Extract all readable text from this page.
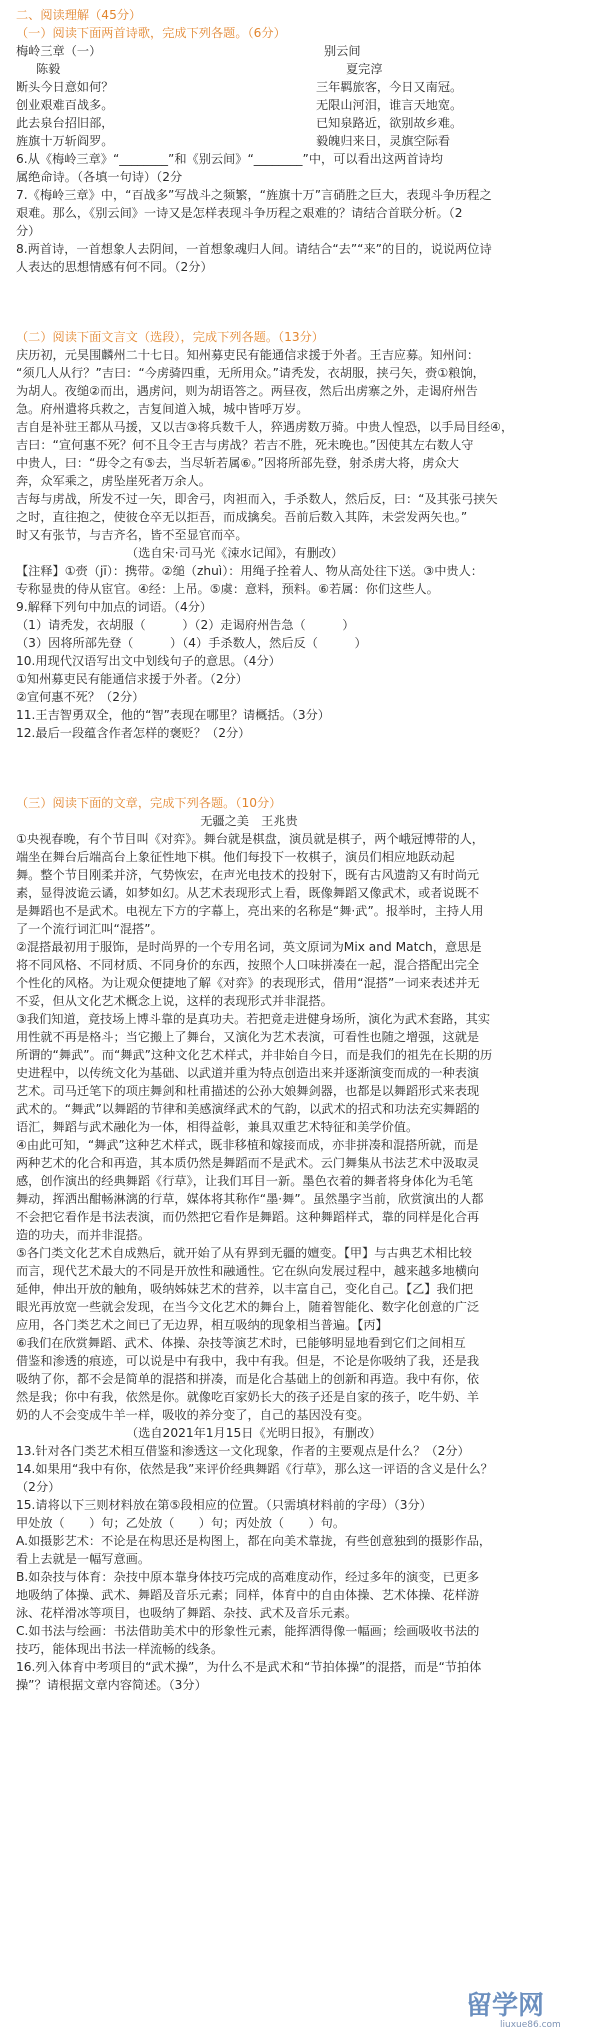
二、阅读理解（45分）
（一）阅读下面两首诗歌，完成下列各题。（6分）
梅岭三章（一）
陈毅
断头今日意如何？
创业艰难百战多。
此去泉台招旧部，
旌旗十万斩阎罗。
别云间
夏完淳
三年羁旅客，今日又南冠。
无限山河泪，谁言天地宽。
已知泉路近，欲别故乡难。
毅魄归来日，灵旗空际看
6.从《梅岭三章》“________”和《别云间》“________”中，可以看出这两首诗均
属绝命诗。（各填一句诗）（2分
7.《梅岭三章》中，“百战多”写战斗之频繁，“旌旗十万”言硝胜之巨大，表现斗争历程之
艰难。那么，《别云间》一诗又是怎样表现斗争历程之艰难的？请结合首联分析。（2
分）
8.两首诗，一首想象人去阴间，一首想象魂归人间。请结合“去”“来”的目的，说说两位诗
人表达的思想情感有何不同。（2分）
（二）阅读下面文言文（选段），完成下列各题。（13分）
庆历初，元昊围麟州二十七日。知州募吏民有能通信求援于外者。王吉应募。知州问：
“须几人从行？”吉曰：“今虏骑四重，无所用众。”请秃发，衣胡服，挟弓矢，赍①粮饷，
为胡人。夜缒②而出，遇虏问，则为胡语答之。两昼夜，然后出虏寨之外，走谒府州告
急。府州遣将兵救之，吉复间道入城，城中皆呼万岁。
吉自是补驻王都从马援，又以吉③将兵数千人，猝遇虏数万骑。中贵人惶恐，以手局目经④，
吉曰：“宣何惠不死？何不且令王吉与虏战？若吉不胜，死未晚也。”因使其左右数人守
中贵人，曰：“毋令之有⑤去，当尽斩若属⑥。”因将所部先登，射杀虏大将，虏众大
奔，众军乘之，虏坠崖死者万余人。
吉每与虏战，所发不过一矢，即舍弓，肉袒而入，手杀数人，然后反，曰：“及其张弓挟矢
之时，直往抱之，使彼仓卒无以拒吾，而成擒矣。吾前后数入其阵，未尝发两矢也。”
时又有张节，与吉齐名，皆不至显官而卒。
（选自宋·司马光《涑水记闻》，有删改）
【注释】①赍（jī）：携带。②缒（zhuì）：用绳子拴着人、物从高处往下送。③中贵人：
专称显贵的侍从宦官。④经：上吊。⑤虞：意料，预料。⑥若属：你们这些人。
9.解释下列句中加点的词语。（4分）
（1）请秃发，衣胡服（　　　）（2）走谒府州告急（　　　）
（3）因将所部先登（　　　）（4）手杀数人，然后反（　　　）
10.用现代汉语写出文中划线句子的意思。（4分）
①知州募吏民有能通信求援于外者。（2分）
②宣何惠不死？（2分）
11.王吉智勇双全，他的“智”表现在哪里？请概括。（3分）
12.最后一段蕴含作者怎样的褒贬？（2分）
（三）阅读下面的文章，完成下列各题。（10分）
无疆之美　王兆贵
①央视春晚，有个节目叫《对弈》。舞台就是棋盘，演员就是棋子，两个峨冠博带的人，
端坐在舞台后端高台上象征性地下棋。他们每投下一枚棋子，演员们相应地跃动起
舞。整个节目刚柔并济，气势恢宏，在声光电技术的投射下，既有古风遗韵又有时尚元
素，显得波诡云谲，如梦如幻。从艺术表现形式上看，既像舞蹈又像武术，或者说既不
是舞蹈也不是武术。电视左下方的字幕上，亮出来的名称是“舞·武”。报举时，主持人用
了一个流行词汇叫“混搭”。
②混搭最初用于服饰，是时尚界的一个专用名词，英文原词为Mix and Match，意思是
将不同风格、不同材质、不同身价的东西，按照个人口味拼凑在一起，混合搭配出完全
个性化的风格。为让观众便捷地了解《对弈》的表现形式，借用“混搭”一词来表述并无
不妥，但从文化艺术概念上说，这样的表现形式并非混搭。
③我们知道，竟技场上博斗靠的是真功夫。若把竟走进健身场所，演化为武术套路，其实
用性就不再是格斗；当它搬上了舞台，又演化为艺术表演，可看性也随之增强，这就是
所谓的“舞武”。而“舞武”这种文化艺术样式，并非始自今日，而是我们的祖先在长期的历
史进程中，以传统文化为基础、以武道并重为特点创造出来并逐渐演变而成的一种表演
艺术。司马迁笔下的项庄舞剑和杜甫描述的公孙大娘舞剑器，也都是以舞蹈形式来表现
武术的。“舞武”以舞蹈的节律和美感演绎武术的气韵，以武术的招式和功法充实舞蹈的
语汇，舞蹈与武术融化为一体，相得益彰，兼具双重艺术特征和美学价值。
④由此可知，“舞武”这种艺术样式，既非移植和嫁接而成，亦非拼凑和混搭所就，而是
两种艺术的化合和再造，其本质仍然是舞蹈而不是武术。云门舞集从书法艺术中汲取灵
感，创作演出的经典舞蹈《行草》，让我们耳目一新。墨色衣着的舞者将身体化为毛笔
舞动，挥洒出酣畅淋漓的行草，媒体将其称作“墨·舞”。虽然墨字当前，欣赏演出的人都
不会把它看作是书法表演，而仍然把它看作是舞蹈。这种舞蹈样式，靠的同样是化合再
造的功夫，而并非混搭。
⑤各门类文化艺术自成熟后，就开始了从有界到无疆的嬗变。【甲】与古典艺术相比较
而言，现代艺术最大的不同是开放性和融通性。它在纵向发展过程中，越来越多地横向
延伸，伸出开放的触角，吸纳姊妹艺术的营养，以丰富自己，变化自己。【乙】我们把
眼光再放宽一些就会发现，在当今文化艺术的舞台上，随着智能化、数字化创意的广泛
应用，各门类艺术之间已了无边界，相互吸纳的现象相当普遍。【丙】
⑥我们在欣赏舞蹈、武术、体操、杂技等演艺术时，已能够明显地看到它们之间相互
借鉴和渗透的痕迹，可以说是中有我中，我中有我。但是，不论是你吸纳了我，还是我
吸纳了你，都不会是简单的混搭和拼凑，而是化合基础上的创新和再造。我中有你，依
然是我；你中有我，依然是你。就像吃百家奶长大的孩子还是自家的孩子，吃牛奶、羊
奶的人不会变成牛羊一样，吸收的养分变了，自己的基因没有变。
（选自2021年1月15日《光明日报》，有删改）
13.针对各门类艺术相互借鉴和渗透这一文化现象，作者的主要观点是什么？（2分）
14.如果用“我中有你，依然是我”来评价经典舞蹈《行草》，那么这一评语的含义是什么？
（2分）
15.请将以下三则材料放在第⑤段相应的位置。（只需填材料前的字母）（3分）
甲处放（　　）句；乙处放（　　）句；丙处放（　　）句。
A.如摄影艺术：不论是在构思还是构图上，都在向美术靠拢，有些创意独到的摄影作品，
看上去就是一幅写意画。
B.如杂技与体育：杂技中原本靠身体技巧完成的高难度动作，经过多年的演变，已更多
地吸纳了体操、武术、舞蹈及音乐元素；同样，体育中的自由体操、艺术体操、花样游
泳、花样滑冰等项目，也吸纳了舞蹈、杂技、武术及音乐元素。
C.如书法与绘画：书法借助美术中的形象性元素，能挥洒得像一幅画；绘画吸收书法的
技巧，能体现出书法一样流畅的线条。
16.列入体育中考项目的“武术操”，为什么不是武术和“节拍体操”的混搭，而是“节拍体
操”？请根据文章内容简述。（3分）
留学网
liuxue86.com
